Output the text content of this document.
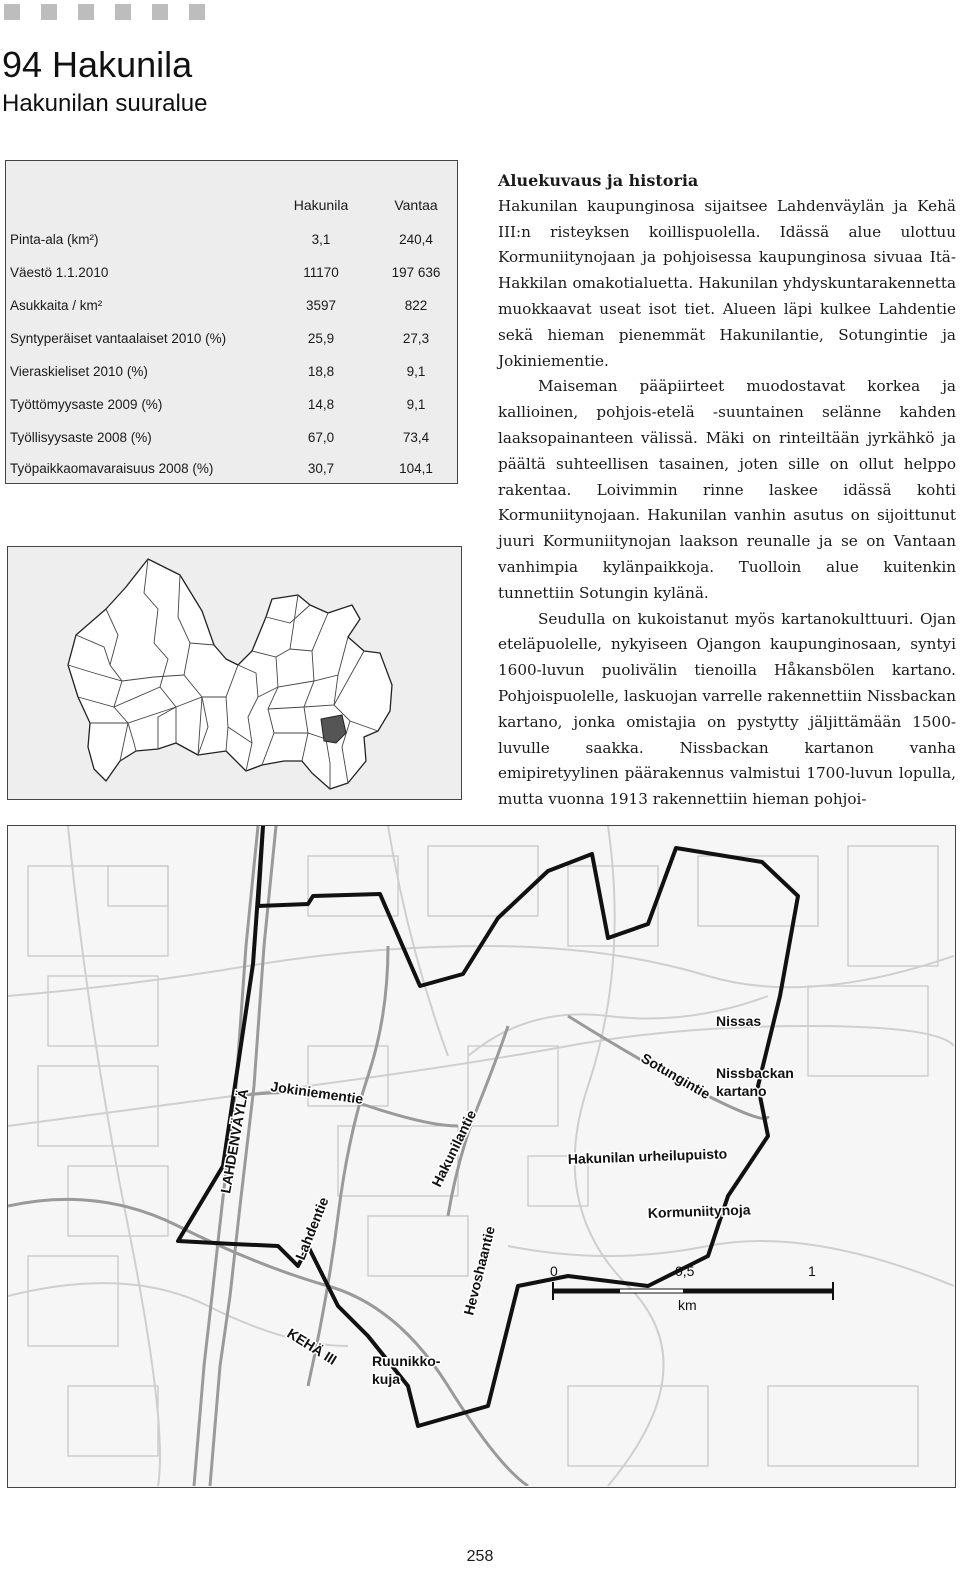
94 Hakunila
Hakunilan suuralue
Hakunila	Vantaa
Pinta-ala (km²)	3,1	240,4
Väestö 1.1.2010	11170	197 636
Asukkaita / km²	3597	822
Syntyperäiset vantaalaiset 2010 (%)	25,9	27,3
Vieraskieliset 2010 (%)	18,8	9,1
Työttömyysaste 2009 (%)	14,8	9,1
Työllisyysaste 2008 (%)	67,0	73,4
Työpaikkaomavaraisuus 2008 (%)	30,7	104,1
Aluekuvaus ja historia

Hakunilan kaupunginosa sijaitsee Lahdenväylän ja Kehä III:n risteyksen koillispuolella. Idässä alue ulottuu Kormuniitynojaan ja pohjoisessa kaupunginosa sivuaa Itä-Hakkilan omakotialuetta. Hakunilan yhdyskuntarakennetta muokkaavat useat isot tiet. Alueen läpi kulkee Lahdentie sekä hieman pienemmät Hakunilantie, Sotungintie ja Jokiniementie.

Maiseman pääpiirteet muodostavat korkea ja kallioinen, pohjois-etelä -suuntainen selänne kahden laaksopainanteen välissä. Mäki on rinteiltään jyrkähkö ja päältä suhteellisen tasainen, joten sille on ollut helppo rakentaa. Loivimmin rinne laskee idässä kohti Kormuniitynojaan. Hakunilan vanhin asutus on sijoittunut juuri Kormuniitynojan laakson reunalle ja se on Vantaan vanhimpia kylänpaikkoja. Tuolloin alue kuitenkin tunnettiin Sotungin kylänä.

Seudulla on kukoistanut myös kartanokulttuuri. Ojan eteläpuolelle, nykyiseen Ojangon kaupunginosaan, syntyi 1600-luvun puolivälin tienoilla Håkansbölen kartano. Pohjoispuolelle, laskuojan varrelle rakennettiin Nissbackan kartano, jonka omistajia on pystytty jäljittämään 1500-luvulle saakka. Nissbackan kartanon vanha emipiretyylinen päärakennus valmistui 1700-luvun lopulla, mutta vuonna 1913 rakennettiin hieman pohjoi-

0	0,5	1
km
Nissas
Sotungintie Nissbackan
kartano
Jokiniementie
LAHDENVÄYLÄ	Hakunilantie	Hakunilan urheilupuisto
Kormuniitynoja
Lahdentie	Hevoshaantie
KEHÄ III Ruunikko-
kuja
258
